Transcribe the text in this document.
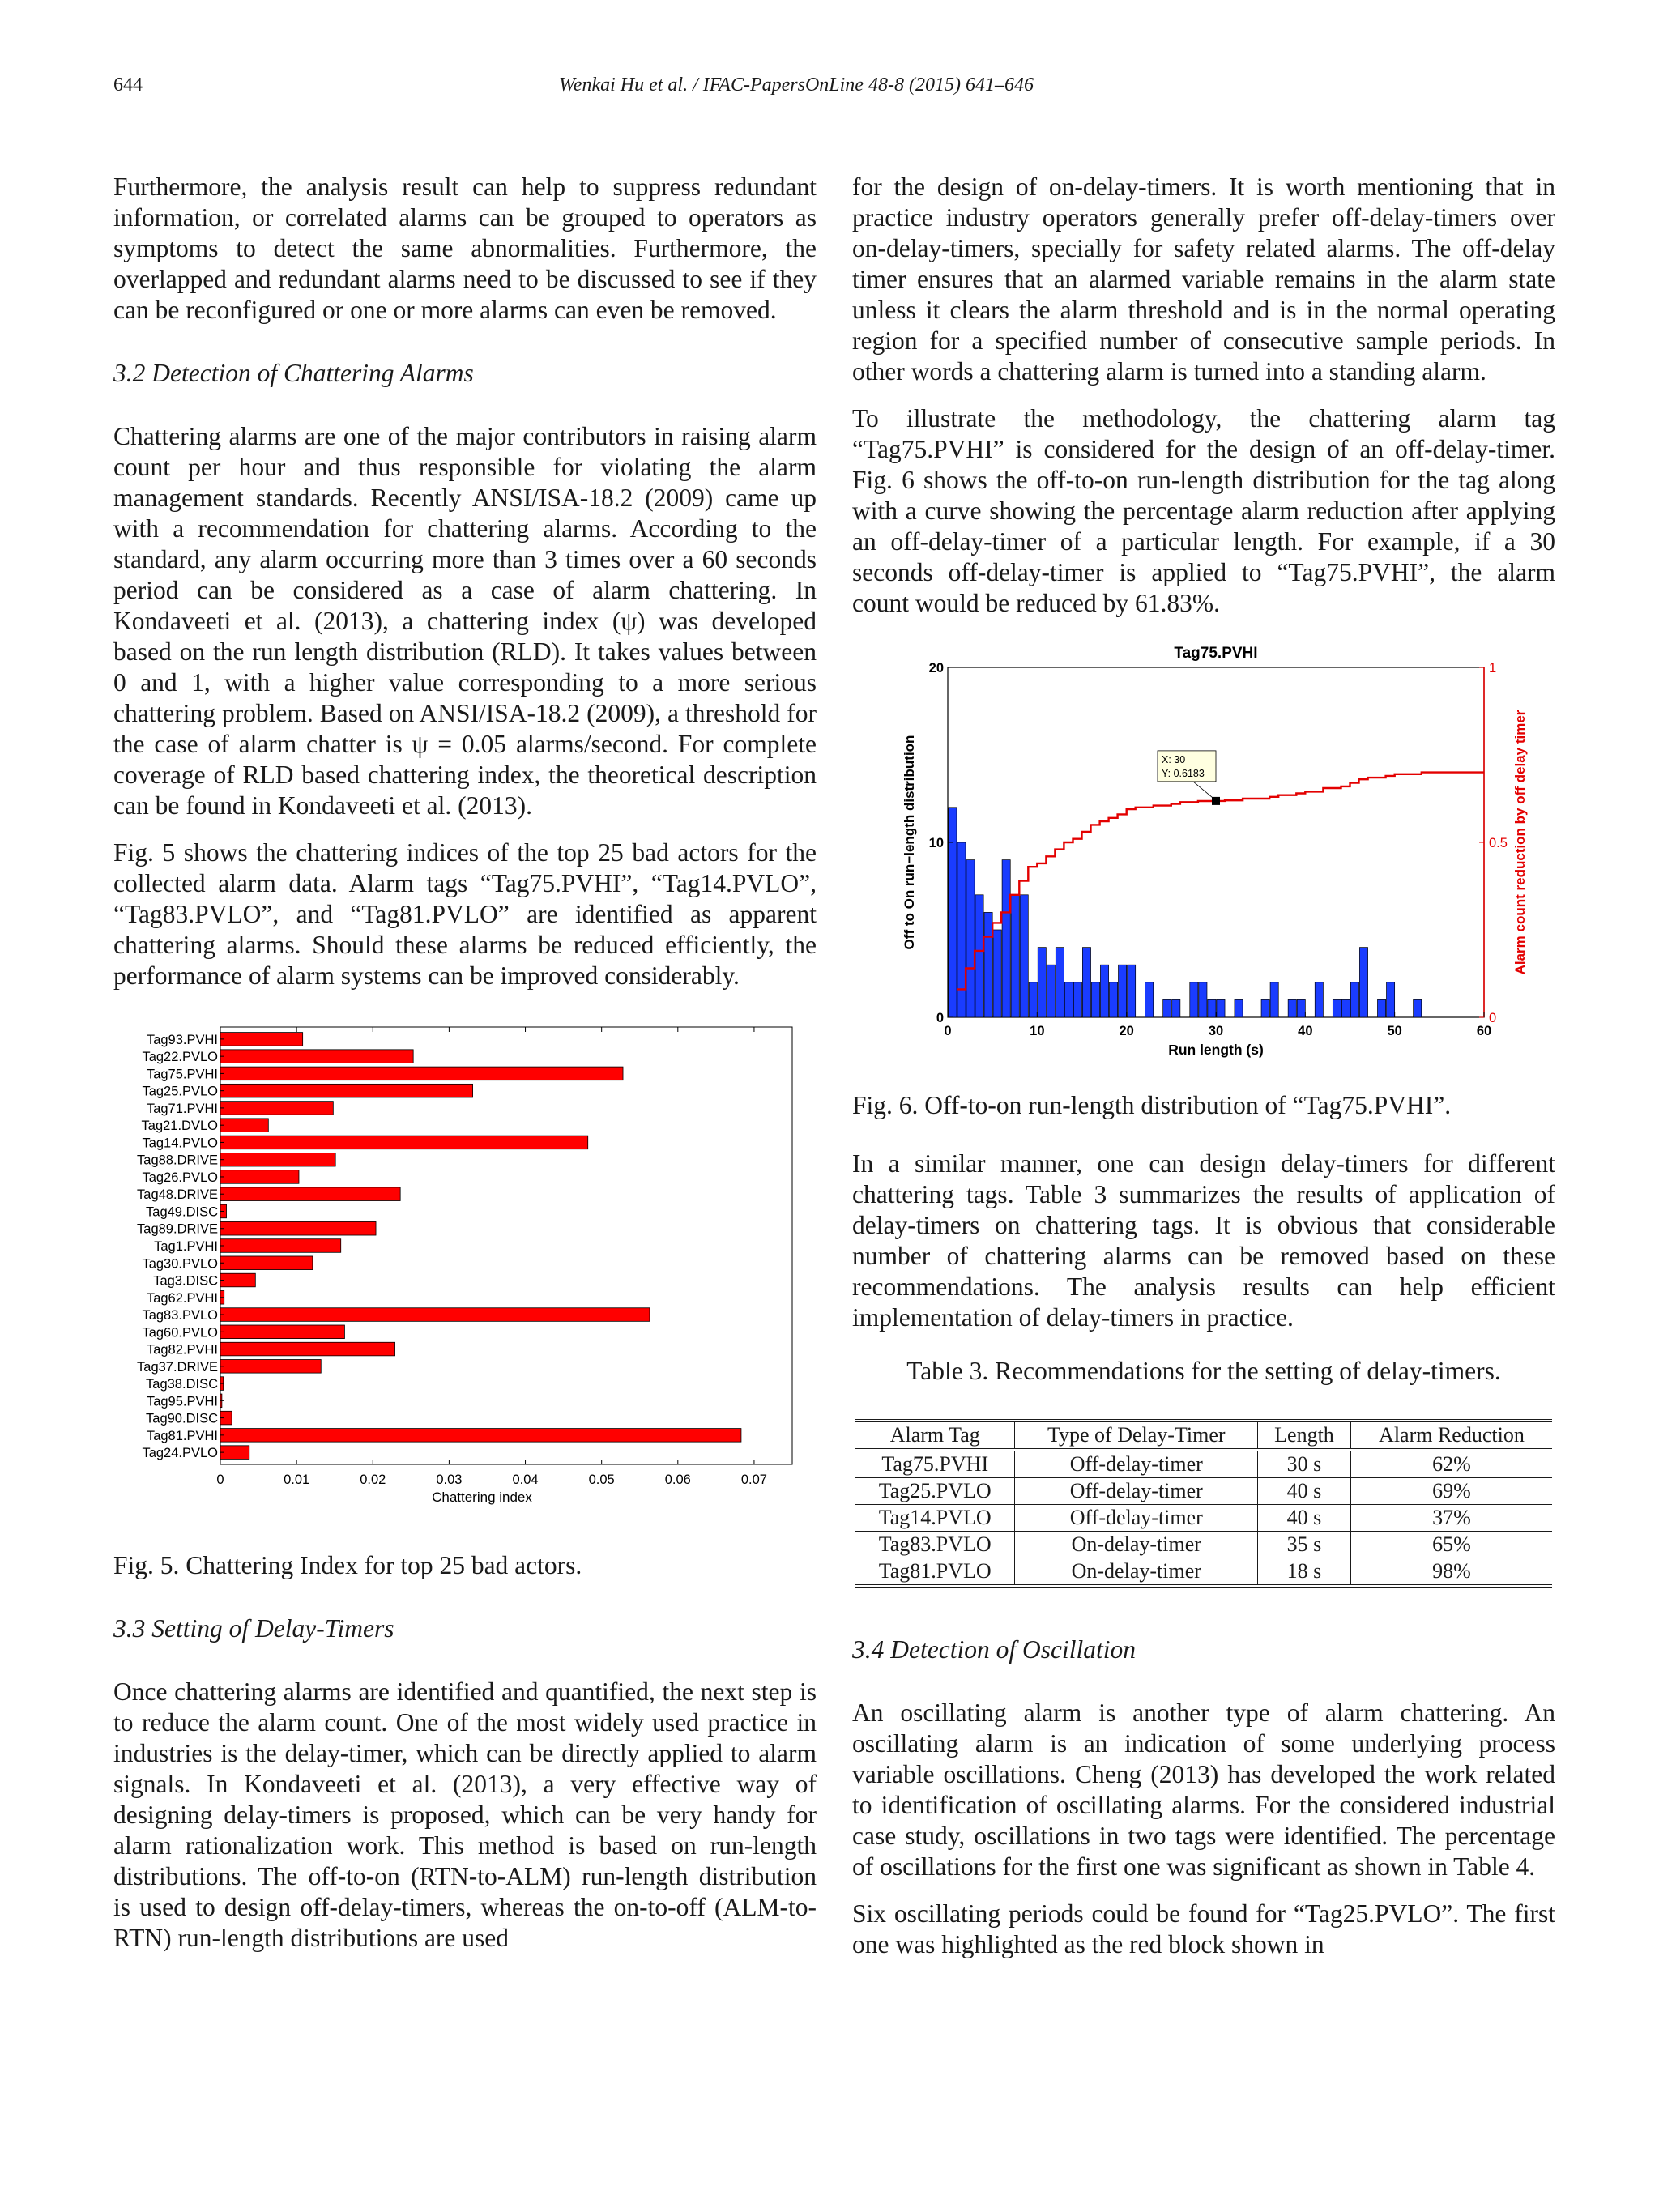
644	Wenkai Hu et al. / IFAC-PapersOnLine 48-8 (2015) 641–646

Furthermore, the analysis result can help to suppress redundant information, or correlated alarms can be grouped to operators as symptoms to detect the same abnormalities. Furthermore, the overlapped and redundant alarms need to be discussed to see if they can be reconfigured or one or more alarms can even be removed.

3.2 Detection of Chattering Alarms

Chattering alarms are one of the major contributors in raising alarm count per hour and thus responsible for violating the alarm management standards. Recently ANSI/ISA-18.2 (2009) came up with a recommendation for chattering alarms. According to the standard, any alarm occurring more than 3 times over a 60 seconds period can be considered as a case of alarm chattering. In Kondaveeti et al. (2013), a chattering index (ψ) was developed based on the run length distribution (RLD). It takes values between 0 and 1, with a higher value corresponding to a more serious chattering problem. Based on ANSI/ISA-18.2 (2009), a threshold for the case of alarm chatter is ψ = 0.05 alarms/second. For complete coverage of RLD based chattering index, the theoretical description can be found in Kondaveeti et al. (2013).

Fig. 5 shows the chattering indices of the top 25 bad actors for the collected alarm data. Alarm tags “Tag75.PVHI”, “Tag14.PVLO”, “Tag83.PVLO”, and “Tag81.PVLO” are identified as apparent chattering alarms. Should these alarms be reduced efficiently, the performance of alarm systems can be improved considerably.

Tag93.PVHI
Tag22.PVLO
Tag75.PVHI
Tag25.PVLO
Tag71.PVHI
Tag21.DVLO
Tag14.PVLO
Tag88.DRIVE
Tag26.PVLO
Tag48.DRIVE
Tag49.DISC
Tag89.DRIVE
Tag1.PVHI
Tag30.PVLO
Tag3.DISC
Tag62.PVHI
Tag83.PVLO
Tag60.PVLO
Tag82.PVHI
Tag37.DRIVE
Tag38.DISC
Tag95.PVHI
Tag90.DISC
Tag81.PVHI
Tag24.PVLO
0	0.01	0.02	0.03	0.04	0.05	0.06	0.07
Chattering index

Fig. 5. Chattering Index for top 25 bad actors.

3.3 Setting of Delay-Timers

Once chattering alarms are identified and quantified, the next step is to reduce the alarm count. One of the most widely used practice in industries is the delay-timer, which can be directly applied to alarm signals. In Kondaveeti et al. (2013), a very effective way of designing delay-timers is proposed, which can be very handy for alarm rationalization work. This method is based on run-length distributions. The off-to-on (RTN-to-ALM) run-length distribution is used to design off-delay-timers, whereas the on-to-off (ALM-to-RTN) run-length distributions are used

for the design of on-delay-timers. It is worth mentioning that in practice industry operators generally prefer off-delay-timers over on-delay-timers, specially for safety related alarms. The off-delay timer ensures that an alarmed variable remains in the alarm state unless it clears the alarm threshold and is in the normal operating region for a specified number of consecutive sample periods. In other words a chattering alarm is turned into a standing alarm.

To illustrate the methodology, the chattering alarm tag “Tag75.PVHI” is considered for the design of an off-delay-timer. Fig. 6 shows the off-to-on run-length distribution for the tag along with a curve showing the percentage alarm reduction after applying an off-delay-timer of a particular length. For example, if a 30 seconds off-delay-timer is applied to “Tag75.PVHI”, the alarm count would be reduced by 61.83%.

Tag75.PVHI
X: 30
Y: 0.6183
0	10	20	30	40	50	60
0
10
20
0
0.5
1
Run length (s)
Off to On run−length distribution	Alarm count reduction by off delay timer

Fig. 6. Off-to-on run-length distribution of “Tag75.PVHI”.

In a similar manner, one can design delay-timers for different chattering tags. Table 3 summarizes the results of application of delay-timers on chattering tags. It is obvious that considerable number of chattering alarms can be removed based on these recommendations. The analysis results can help efficient implementation of delay-timers in practice.

Table 3. Recommendations for the setting of delay-timers.
Alarm Tag	Type of Delay-Timer	Length	Alarm Reduction
Tag75.PVHI	Off-delay-timer	30 s	62%
Tag25.PVLO	Off-delay-timer	40 s	69%
Tag14.PVLO	Off-delay-timer	40 s	37%
Tag83.PVLO	On-delay-timer	35 s	65%
Tag81.PVLO	On-delay-timer	18 s	98%
3.4 Detection of Oscillation

An oscillating alarm is another type of alarm chattering. An oscillating alarm is an indication of some underlying process variable oscillations. Cheng (2013) has developed the work related to identification of oscillating alarms. For the considered industrial case study, oscillations in two tags were identified. The percentage of oscillations for the first one was significant as shown in Table 4.

Six oscillating periods could be found for “Tag25.PVLO”. The first one was highlighted as the red block shown in
